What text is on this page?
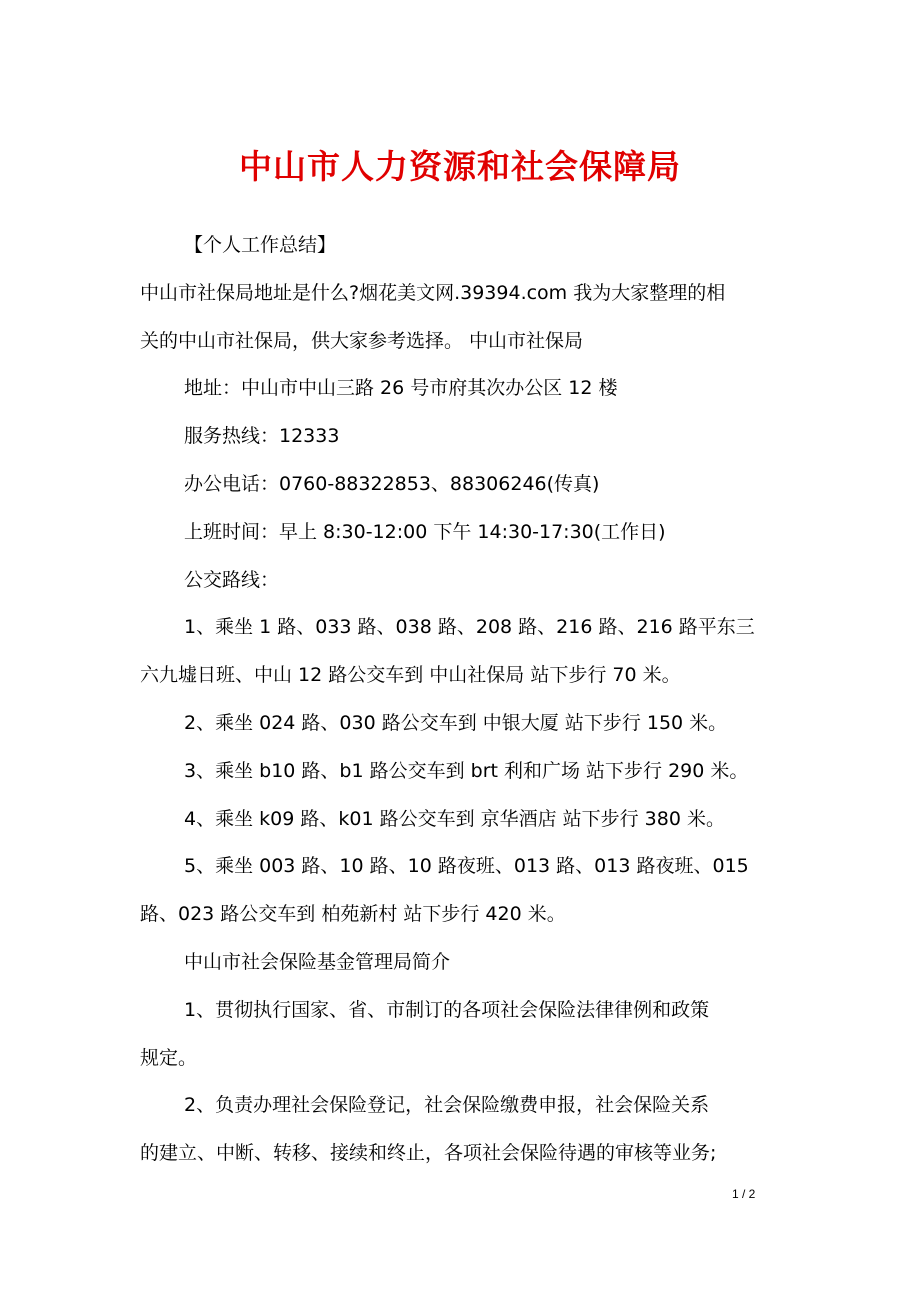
中山市人力资源和社会保障局

【个人工作总结】

中山市社保局地址是什么?烟花美文网.39394.com 我为大家整理的相

关的中山市社保局，供大家参考选择。 中山市社保局

地址：中山市中山三路 26 号市府其次办公区 12 楼

服务热线：12333

办公电话：0760-88322853、88306246(传真)

上班时间：早上 8:30-12:00 下午 14:30-17:30(工作日)

公交路线：

1、乘坐 1 路、033 路、038 路、208 路、216 路、216 路平东三

六九墟日班、中山 12 路公交车到 中山社保局 站下步行 70 米。

2、乘坐 024 路、030 路公交车到 中银大厦 站下步行 150 米。

3、乘坐 b10 路、b1 路公交车到 brt 利和广场 站下步行 290 米。

4、乘坐 k09 路、k01 路公交车到 京华酒店 站下步行 380 米。

5、乘坐 003 路、10 路、10 路夜班、013 路、013 路夜班、015

路、023 路公交车到 柏苑新村 站下步行 420 米。

中山市社会保险基金管理局简介

1、贯彻执行国家、省、市制订的各项社会保险法律律例和政策

规定。

2、负责办理社会保险登记，社会保险缴费申报，社会保险关系

的建立、中断、转移、接续和终止，各项社会保险待遇的审核等业务;

1 / 2
